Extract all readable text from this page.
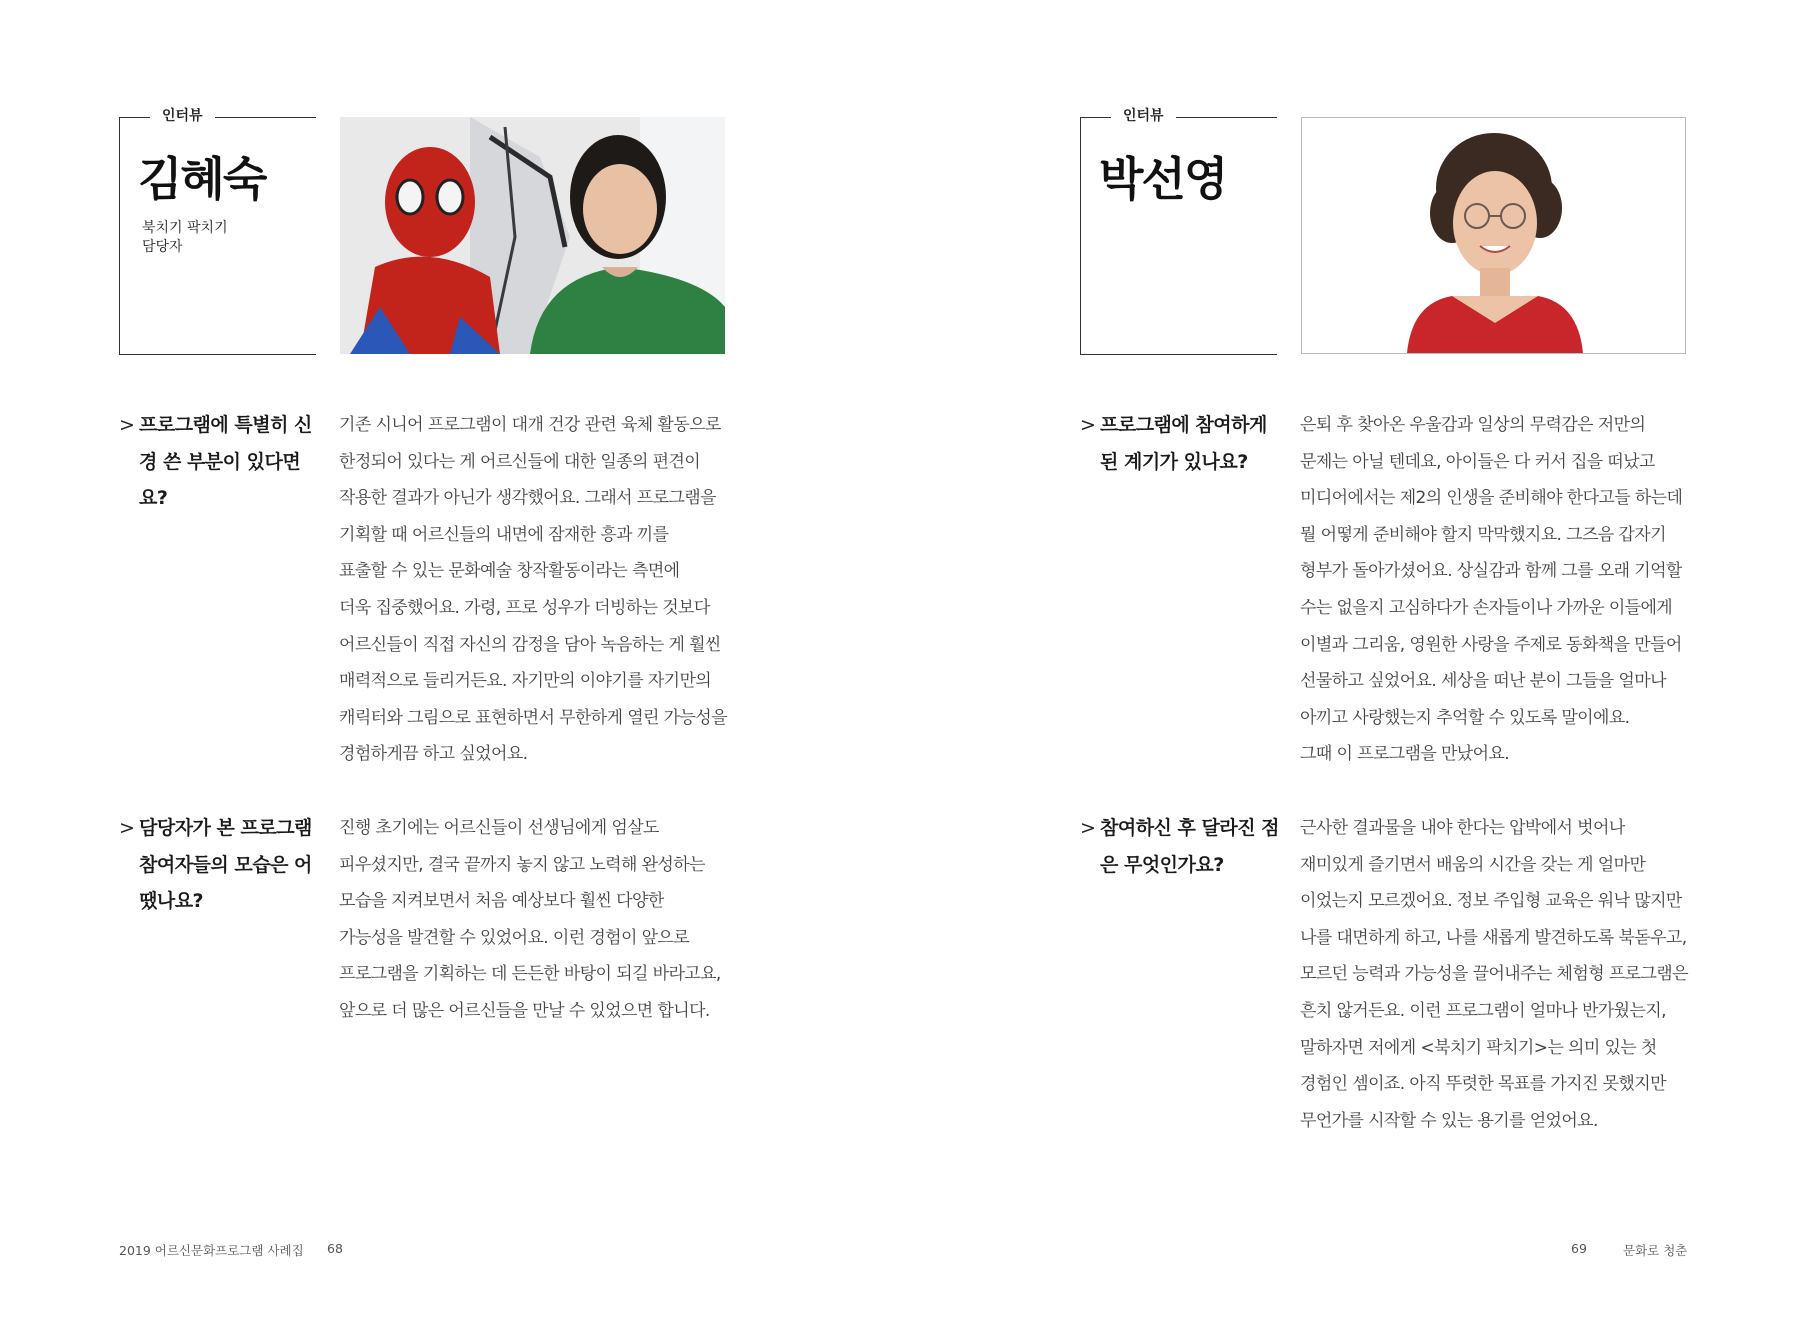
인터뷰
김혜숙
북치기 팍치기
담당자
> 프로그램에 특별히 신경 쓴 부분이 있다면요?
기존 시니어 프로그램이 대개 건강 관련 육체 활동으로
한정되어 있다는 게 어르신들에 대한 일종의 편견이
작용한 결과가 아닌가 생각했어요. 그래서 프로그램을
기획할 때 어르신들의 내면에 잠재한 흥과 끼를
표출할 수 있는 문화예술 창작활동이라는 측면에
더욱 집중했어요. 가령, 프로 성우가 더빙하는 것보다
어르신들이 직접 자신의 감정을 담아 녹음하는 게 훨씬
매력적으로 들리거든요. 자기만의 이야기를 자기만의
캐릭터와 그림으로 표현하면서 무한하게 열린 가능성을
경험하게끔 하고 싶었어요.
> 담당자가 본 프로그램 참여자들의 모습은 어땠나요?
진행 초기에는 어르신들이 선생님에게 엄살도
피우셨지만, 결국 끝까지 놓지 않고 노력해 완성하는
모습을 지켜보면서 처음 예상보다 훨씬 다양한
가능성을 발견할 수 있었어요. 이런 경험이 앞으로
프로그램을 기획하는 데 든든한 바탕이 되길 바라고요,
앞으로 더 많은 어르신들을 만날 수 있었으면 합니다.
2019 어르신문화프로그램 사례집 68
인터뷰
박선영
> 프로그램에 참여하게 된 계기가 있나요?
은퇴 후 찾아온 우울감과 일상의 무력감은 저만의
문제는 아닐 텐데요, 아이들은 다 커서 집을 떠났고
미디어에서는 제2의 인생을 준비해야 한다고들 하는데
뭘 어떻게 준비해야 할지 막막했지요. 그즈음 갑자기
형부가 돌아가셨어요. 상실감과 함께 그를 오래 기억할
수는 없을지 고심하다가 손자들이나 가까운 이들에게
이별과 그리움, 영원한 사랑을 주제로 동화책을 만들어
선물하고 싶었어요. 세상을 떠난 분이 그들을 얼마나
아끼고 사랑했는지 추억할 수 있도록 말이에요.
그때 이 프로그램을 만났어요.
> 참여하신 후 달라진 점은 무엇인가요?
근사한 결과물을 내야 한다는 압박에서 벗어나
재미있게 즐기면서 배움의 시간을 갖는 게 얼마만
이었는지 모르겠어요. 정보 주입형 교육은 워낙 많지만
나를 대면하게 하고, 나를 새롭게 발견하도록 북돋우고,
모르던 능력과 가능성을 끌어내주는 체험형 프로그램은
흔치 않거든요. 이런 프로그램이 얼마나 반가웠는지,
말하자면 저에게 <북치기 팍치기>는 의미 있는 첫
경험인 셈이죠. 아직 뚜렷한 목표를 가지진 못했지만
무언가를 시작할 수 있는 용기를 얻었어요.
69	문화로 청춘
